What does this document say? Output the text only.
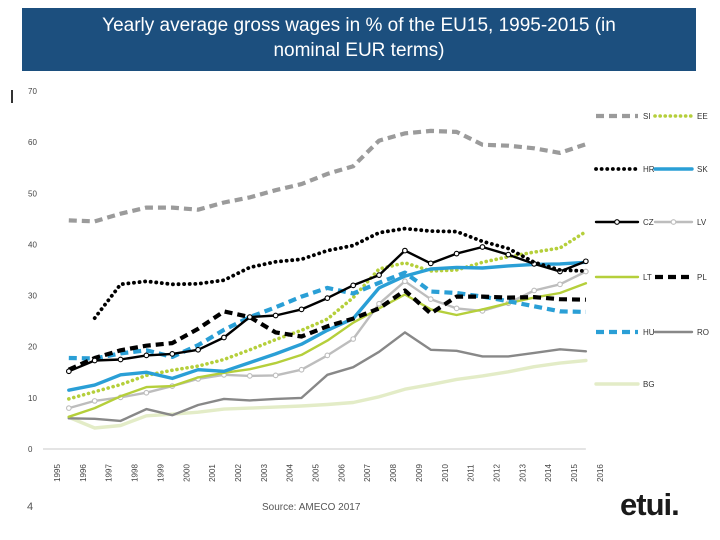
Yearly average gross wages in % of the EU15, 1995-2015 (in
nominal EUR terms)
0
10
20
30
40
50
60
70
1995 1996 1997 1998 1999 2000 2001 2002 2003 2004 2005 2006 2007 2008 2009 2010 2011 2012 2013 2014 2015 2016
SI	EE
HR	SK
CZ	LV
LT	PL
HU	RO
BG
4	Source: AMECO 2017	etui.
